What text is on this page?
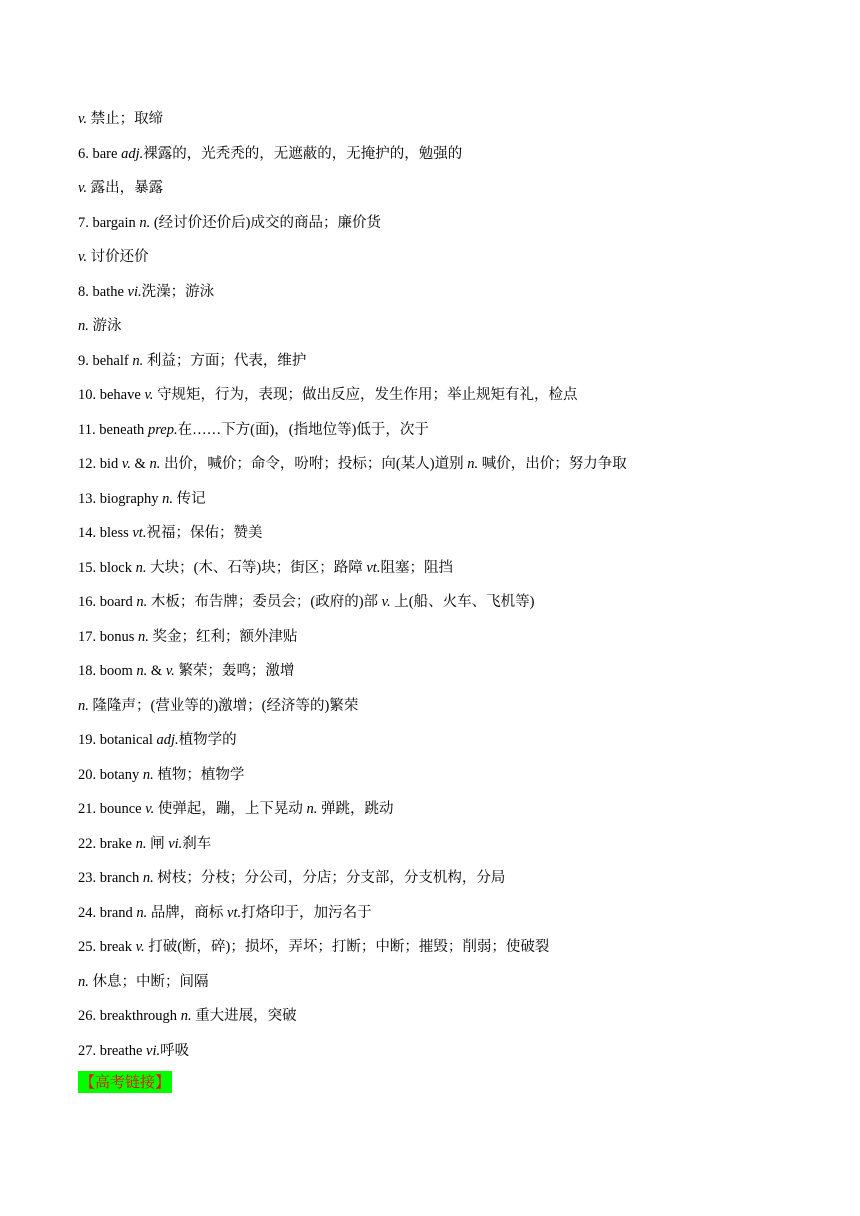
v. 禁止；取缔
6. bare adj.裸露的，光秃秃的，无遮蔽的，无掩护的，勉强的
v. 露出，暴露
7. bargain n. (经讨价还价后)成交的商品；廉价货
v. 讨价还价
8. bathe vi.洗澡；游泳
n. 游泳
9. behalf n. 利益；方面；代表，维护
10. behave v. 守规矩，行为，表现；做出反应，发生作用；举止规矩有礼，检点
11. beneath prep.在……下方(面)，(指地位等)低于，次于
12. bid v. & n. 出价，喊价；命令，吩咐；投标；向(某人)道别 n. 喊价，出价；努力争取
13. biography n. 传记
14. bless vt.祝福；保佑；赞美
15. block n. 大块；(木、石等)块；街区；路障 vt.阻塞；阻挡
16. board n. 木板；布告牌；委员会；(政府的)部 v. 上(船、火车、飞机等)
17. bonus n. 奖金；红利；额外津贴
18. boom n. & v. 繁荣；轰鸣；激增
n. 隆隆声；(营业等的)激增；(经济等的)繁荣
19. botanical adj.植物学的
20. botany n. 植物；植物学
21. bounce v. 使弹起，蹦，上下晃动 n. 弹跳，跳动
22. brake n. 闸 vi.刹车
23. branch n. 树枝；分枝；分公司，分店；分支部，分支机构，分局
24. brand n. 品牌，商标 vt.打烙印于，加污名于
25. break v. 打破(断，碎)；损坏，弄坏；打断；中断；摧毁；削弱；使破裂
n. 休息；中断；间隔
26. breakthrough n. 重大进展，突破
27. breathe vi.呼吸
【高考链接】
